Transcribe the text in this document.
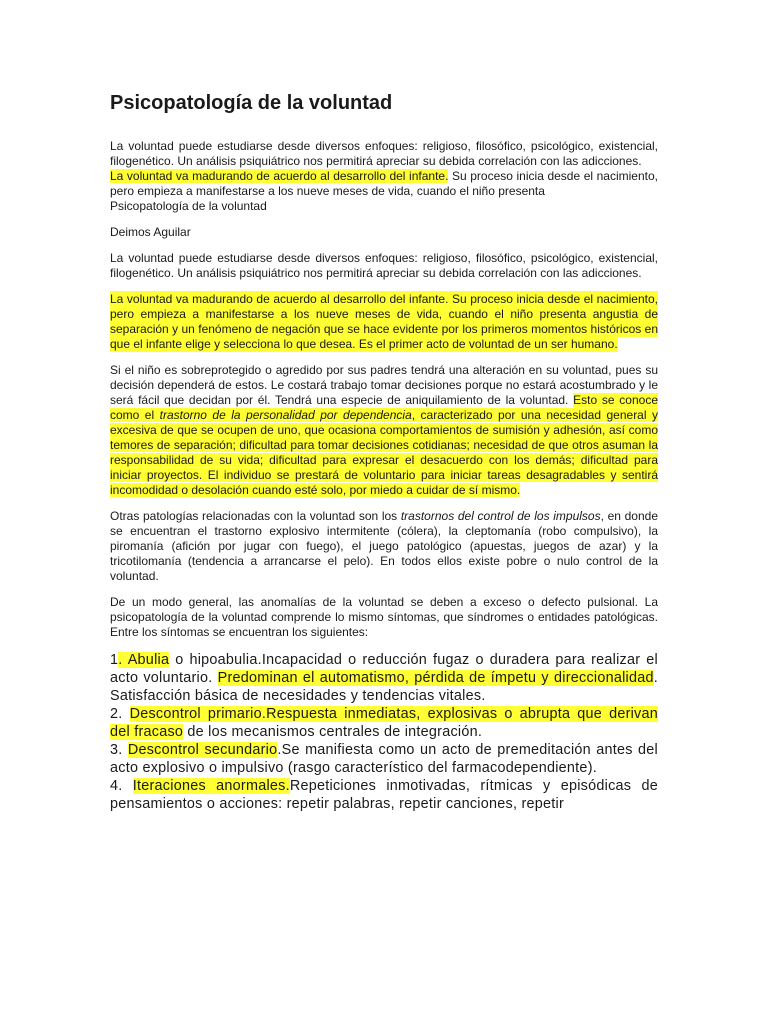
Psicopatología de la voluntad

La voluntad puede estudiarse desde diversos enfoques: religioso, filosófico, psicológico, existencial, filogenético. Un análisis psiquiátrico nos permitirá apreciar su debida correlación con las adicciones.
La voluntad va madurando de acuerdo al desarrollo del infante. Su proceso inicia desde el nacimiento, pero empieza a manifestarse a los nueve meses de vida, cuando el niño presenta
Psicopatología de la voluntad

Deimos Aguilar

La voluntad puede estudiarse desde diversos enfoques: religioso, filosófico, psicológico, existencial, filogenético. Un análisis psiquiátrico nos permitirá apreciar su debida correlación con las adicciones.

La voluntad va madurando de acuerdo al desarrollo del infante. Su proceso inicia desde el nacimiento, pero empieza a manifestarse a los nueve meses de vida, cuando el niño presenta angustia de separación y un fenómeno de negación que se hace evidente por los primeros momentos históricos en que el infante elige y selecciona lo que desea. Es el primer acto de voluntad de un ser humano.

Si el niño es sobreprotegido o agredido por sus padres tendrá una alteración en su voluntad, pues su decisión dependerá de estos. Le costará trabajo tomar decisiones porque no estará acostumbrado y le será fácil que decidan por él. Tendrá una especie de aniquilamiento de la voluntad. Esto se conoce como el trastorno de la personalidad por dependencia, caracterizado por una necesidad general y excesiva de que se ocupen de uno, que ocasiona comportamientos de sumisión y adhesión, así como temores de separación; dificultad para tomar decisiones cotidianas; necesidad de que otros asuman la responsabilidad de su vida; dificultad para expresar el desacuerdo con los demás; dificultad para iniciar proyectos. El individuo se prestará de voluntario para iniciar tareas desagradables y sentirá incomodidad o desolación cuando esté solo, por miedo a cuidar de sí mismo.

Otras patologías relacionadas con la voluntad son los trastornos del control de los impulsos, en donde se encuentran el trastorno explosivo intermitente (cólera), la cleptomanía (robo compulsivo), la piromanía (afición por jugar con fuego), el juego patológico (apuestas, juegos de azar) y la tricotilomanía (tendencia a arrancarse el pelo). En todos ellos existe pobre o nulo control de la voluntad.

De un modo general, las anomalías de la voluntad se deben a exceso o defecto pulsional. La psicopatología de la voluntad comprende lo mismo síntomas, que síndromes o entidades patológicas. Entre los síntomas se encuentran los siguientes:

1. Abulia o hipoabulia.Incapacidad o reducción fugaz o duradera para realizar el acto voluntario. Predominan el automatismo, pérdida de ímpetu y direccionalidad. Satisfacción básica de necesidades y tendencias vitales.

2. Descontrol primario.Respuesta inmediatas, explosivas o abrupta que derivan del fracaso de los mecanismos centrales de integración.

3. Descontrol secundario.Se manifiesta como un acto de premeditación antes del acto explosivo o impulsivo (rasgo característico del farmacodependiente).

4. Iteraciones anormales.Repeticiones inmotivadas, rítmicas y episódicas de pensamientos o acciones: repetir palabras, repetir canciones, repetir
